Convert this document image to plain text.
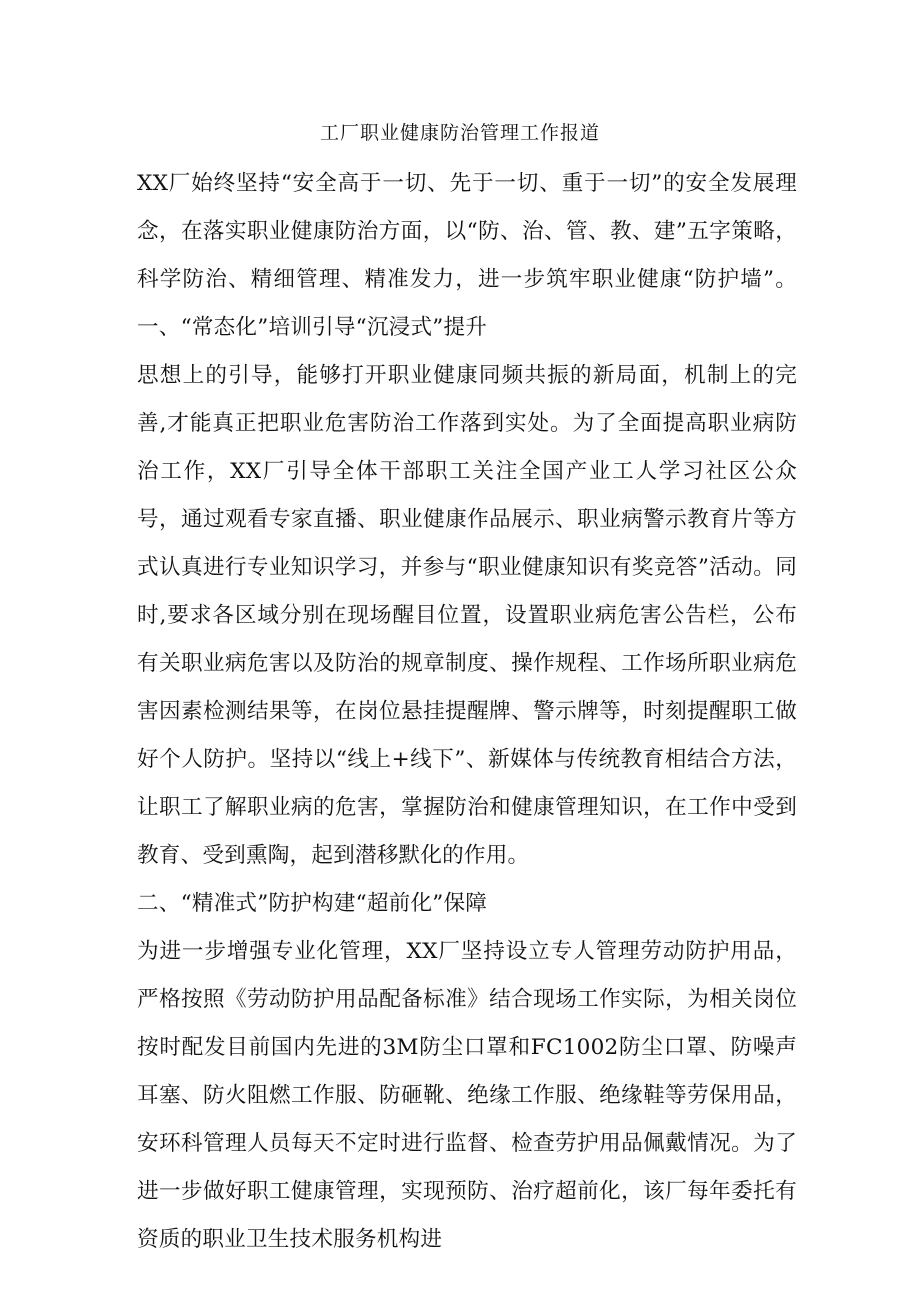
工厂职业健康防治管理工作报道

XX厂始终坚持“安全高于一切、先于一切、重于一切”的安全发展理念，在落实职业健康防治方面，以“防、治、管、教、建”五字策略，科学防治、精细管理、精准发力，进一步筑牢职业健康“防护墙”。一、“常态化”培训引导“沉浸式”提升

思想上的引导，能够打开职业健康同频共振的新局面，机制上的完善,才能真正把职业危害防治工作落到实处。为了全面提高职业病防治工作，XX厂引导全体干部职工关注全国产业工人学习社区公众号，通过观看专家直播、职业健康作品展示、职业病警示教育片等方式认真进行专业知识学习，并参与“职业健康知识有奖竞答”活动。同时,要求各区域分别在现场醒目位置，设置职业病危害公告栏，公布有关职业病危害以及防治的规章制度、操作规程、工作场所职业病危害因素检测结果等，在岗位悬挂提醒牌、警示牌等，时刻提醒职工做好个人防护。坚持以“线上+线下”、新媒体与传统教育相结合方法，让职工了解职业病的危害，掌握防治和健康管理知识，在工作中受到教育、受到熏陶，起到潜移默化的作用。

二、“精准式”防护构建“超前化”保障

为进一步增强专业化管理，XX厂坚持设立专人管理劳动防护用品，严格按照《劳动防护用品配备标准》结合现场工作实际，为相关岗位按时配发目前国内先进的3M防尘口罩和FC1002防尘口罩、防噪声耳塞、防火阻燃工作服、防砸靴、绝缘工作服、绝缘鞋等劳保用品，安环科管理人员每天不定时进行监督、检查劳护用品佩戴情况。为了进一步做好职工健康管理，实现预防、治疗超前化，该厂每年委托有资质的职业卫生技术服务机构进
